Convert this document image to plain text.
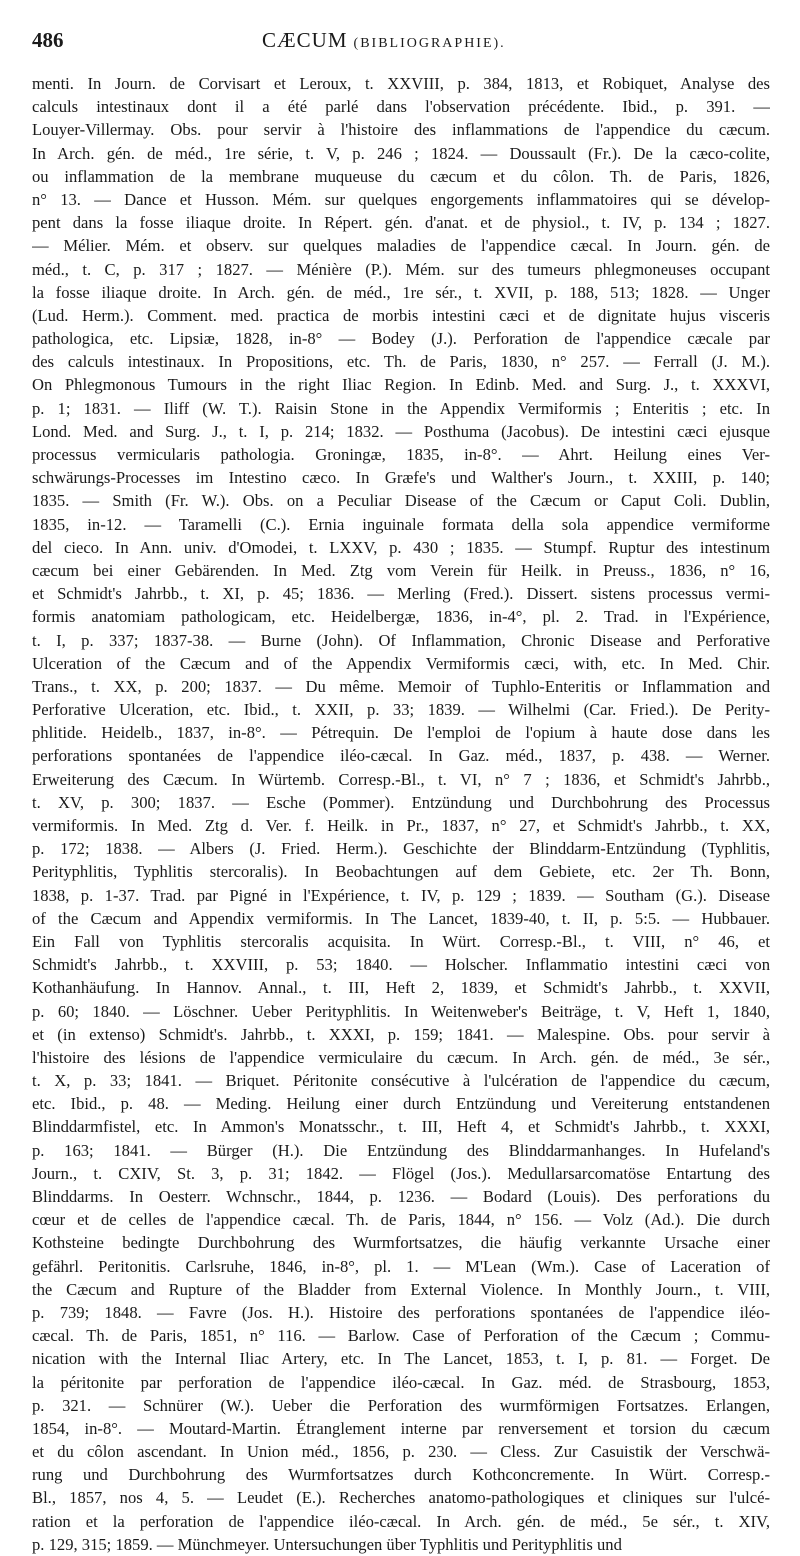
486	CÆCUM (BIBLIOGRAPHIE).
menti. In Journ. de Corvisart et Leroux, t. XXVIII, p. 384, 1813, et Robiquet, Analyse des
calculs intestinaux dont il a été parlé dans l'observation précédente. Ibid., p. 391. —
Louyer-Villermay. Obs. pour servir à l'histoire des inflammations de l'appendice du cæcum.
In Arch. gén. de méd., 1re série, t. V, p. 246 ; 1824. — Doussault (Fr.). De la cæco-colite,
ou inflammation de la membrane muqueuse du cæcum et du côlon. Th. de Paris, 1826,
n° 13. — Dance et Husson. Mém. sur quelques engorgements inflammatoires qui se dévelop-
pent dans la fosse iliaque droite. In Répert. gén. d'anat. et de physiol., t. IV, p. 134 ; 1827.
— Mélier. Mém. et observ. sur quelques maladies de l'appendice cæcal. In Journ. gén. de
méd., t. C, p. 317 ; 1827. — Ménière (P.). Mém. sur des tumeurs phlegmoneuses occupant
la fosse iliaque droite. In Arch. gén. de méd., 1re sér., t. XVII, p. 188, 513; 1828. — Unger
(Lud. Herm.). Comment. med. practica de morbis intestini cæci et de dignitate hujus visceris
pathologica, etc. Lipsiæ, 1828, in-8° — Bodey (J.). Perforation de l'appendice cæcale par
des calculs intestinaux. In Propositions, etc. Th. de Paris, 1830, n° 257. — Ferrall (J. M.).
On Phlegmonous Tumours in the right Iliac Region. In Edinb. Med. and Surg. J., t. XXXVI,
p. 1; 1831. — Iliff (W. T.). Raisin Stone in the Appendix Vermiformis ; Enteritis ; etc. In
Lond. Med. and Surg. J., t. I, p. 214; 1832. — Posthuma (Jacobus). De intestini cæci ejusque
processus vermicularis pathologia. Groningæ, 1835, in-8°. — Ahrt. Heilung eines Ver-
schwärungs-Processes im Intestino cæco. In Græfe's und Walther's Journ., t. XXIII, p. 140;
1835. — Smith (Fr. W.). Obs. on a Peculiar Disease of the Cæcum or Caput Coli. Dublin,
1835, in-12. — Taramelli (C.). Ernia inguinale formata della sola appendice vermiforme
del cieco. In Ann. univ. d'Omodei, t. LXXV, p. 430 ; 1835. — Stumpf. Ruptur des intestinum
cæcum bei einer Gebärenden. In Med. Ztg vom Verein für Heilk. in Preuss., 1836, n° 16,
et Schmidt's Jahrbb., t. XI, p. 45; 1836. — Merling (Fred.). Dissert. sistens processus vermi-
formis anatomiam pathologicam, etc. Heidelbergæ, 1836, in-4°, pl. 2. Trad. in l'Expérience,
t. I, p. 337; 1837-38. — Burne (John). Of Inflammation, Chronic Disease and Perforative
Ulceration of the Cæcum and of the Appendix Vermiformis cæci, with, etc. In Med. Chir.
Trans., t. XX, p. 200; 1837. — Du même. Memoir of Tuphlo-Enteritis or Inflammation and
Perforative Ulceration, etc. Ibid., t. XXII, p. 33; 1839. — Wilhelmi (Car. Fried.). De Perity-
phlitide. Heidelb., 1837, in-8°. — Pétrequin. De l'emploi de l'opium à haute dose dans les
perforations spontanées de l'appendice iléo-cæcal. In Gaz. méd., 1837, p. 438. — Werner.
Erweiterung des Cæcum. In Würtemb. Corresp.-Bl., t. VI, n° 7 ; 1836, et Schmidt's Jahrbb.,
t. XV, p. 300; 1837. — Esche (Pommer). Entzündung und Durchbohrung des Processus
vermiformis. In Med. Ztg d. Ver. f. Heilk. in Pr., 1837, n° 27, et Schmidt's Jahrbb., t. XX,
p. 172; 1838. — Albers (J. Fried. Herm.). Geschichte der Blinddarm-Entzündung (Typhlitis,
Perityphlitis, Typhlitis stercoralis). In Beobachtungen auf dem Gebiete, etc. 2er Th. Bonn,
1838, p. 1-37. Trad. par Pigné in l'Expérience, t. IV, p. 129 ; 1839. — Southam (G.). Disease
of the Cæcum and Appendix vermiformis. In The Lancet, 1839-40, t. II, p. 5:5. — Hubbauer.
Ein Fall von Typhlitis stercoralis acquisita. In Würt. Corresp.-Bl., t. VIII, n° 46, et
Schmidt's Jahrbb., t. XXVIII, p. 53; 1840. — Holscher. Inflammatio intestini cæci von
Kothanhäufung. In Hannov. Annal., t. III, Heft 2, 1839, et Schmidt's Jahrbb., t. XXVII,
p. 60; 1840. — Löschner. Ueber Perityphlitis. In Weitenweber's Beiträge, t. V, Heft 1, 1840,
et (in extenso) Schmidt's. Jahrbb., t. XXXI, p. 159; 1841. — Malespine. Obs. pour servir à
l'histoire des lésions de l'appendice vermiculaire du cæcum. In Arch. gén. de méd., 3e sér.,
t. X, p. 33; 1841. — Briquet. Péritonite consécutive à l'ulcération de l'appendice du cæcum,
etc. Ibid., p. 48. — Meding. Heilung einer durch Entzündung und Vereiterung entstandenen
Blinddarmfistel, etc. In Ammon's Monatsschr., t. III, Heft 4, et Schmidt's Jahrbb., t. XXXI,
p. 163; 1841. — Bürger (H.). Die Entzündung des Blinddarmanhanges. In Hufeland's
Journ., t. CXIV, St. 3, p. 31; 1842. — Flögel (Jos.). Medullarsarcomatöse Entartung des
Blinddarms. In Oesterr. Wchnschr., 1844, p. 1236. — Bodard (Louis). Des perforations du
cœur et de celles de l'appendice cæcal. Th. de Paris, 1844, n° 156. — Volz (Ad.). Die durch
Kothsteine bedingte Durchbohrung des Wurmfortsatzes, die häufig verkannte Ursache einer
gefährl. Peritonitis. Carlsruhe, 1846, in-8°, pl. 1. — M'Lean (Wm.). Case of Laceration of
the Cæcum and Rupture of the Bladder from External Violence. In Monthly Journ., t. VIII,
p. 739; 1848. — Favre (Jos. H.). Histoire des perforations spontanées de l'appendice iléo-
cæcal. Th. de Paris, 1851, n° 116. — Barlow. Case of Perforation of the Cæcum ; Commu-
nication with the Internal Iliac Artery, etc. In The Lancet, 1853, t. I, p. 81. — Forget. De
la péritonite par perforation de l'appendice iléo-cæcal. In Gaz. méd. de Strasbourg, 1853,
p. 321. — Schnürer (W.). Ueber die Perforation des wurmförmigen Fortsatzes. Erlangen,
1854, in-8°. — Moutard-Martin. Étranglement interne par renversement et torsion du cæcum
et du côlon ascendant. In Union méd., 1856, p. 230. — Cless. Zur Casuistik der Verschwä-
rung und Durchbohrung des Wurmfortsatzes durch Kothconcremente. In Würt. Corresp.-
Bl., 1857, nos 4, 5. — Leudet (E.). Recherches anatomo-pathologiques et cliniques sur l'ulcé-
ration et la perforation de l'appendice iléo-cæcal. In Arch. gén. de méd., 5e sér., t. XIV,
p. 129, 315; 1859. — Münchmeyer. Untersuchungen über Typhlitis und Perityphlitis und
